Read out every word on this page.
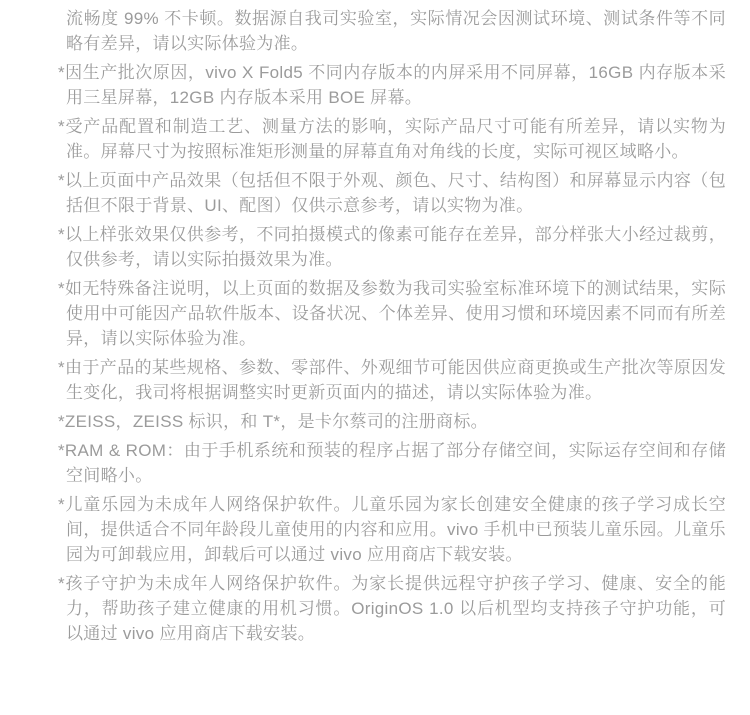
流畅度 99% 不卡顿。数据源自我司实验室，实际情况会因测试环境、测试条件等不同略有差异，请以实际体验为准。

*因生产批次原因，vivo X Fold5 不同内存版本的内屏采用不同屏幕，16GB 内存版本采用三星屏幕，12GB 内存版本采用 BOE 屏幕。

*受产品配置和制造工艺、测量方法的影响，实际产品尺寸可能有所差异，请以实物为准。屏幕尺寸为按照标准矩形测量的屏幕直角对角线的长度，实际可视区域略小。

*以上页面中产品效果（包括但不限于外观、颜色、尺寸、结构图）和屏幕显示内容（包括但不限于背景、UI、配图）仅供示意参考，请以实物为准。

*以上样张效果仅供参考，不同拍摄模式的像素可能存在差异，部分样张大小经过裁剪，仅供参考，请以实际拍摄效果为准。

*如无特殊备注说明，以上页面的数据及参数为我司实验室标准环境下的测试结果，实际使用中可能因产品软件版本、设备状况、个体差异、使用习惯和环境因素不同而有所差异，请以实际体验为准。

*由于产品的某些规格、参数、零部件、外观细节可能因供应商更换或生产批次等原因发生变化，我司将根据调整实时更新页面内的描述，请以实际体验为准。

*ZEISS，ZEISS 标识，和 T*，是卡尔蔡司的注册商标。

*RAM & ROM：由于手机系统和预装的程序占据了部分存储空间，实际运存空间和存储空间略小。

*儿童乐园为未成年人网络保护软件。儿童乐园为家长创建安全健康的孩子学习成长空间，提供适合不同年龄段儿童使用的内容和应用。vivo 手机中已预装儿童乐园。儿童乐园为可卸载应用，卸载后可以通过 vivo 应用商店下载安装。

*孩子守护为未成年人网络保护软件。为家长提供远程守护孩子学习、健康、安全的能力，帮助孩子建立健康的用机习惯。OriginOS 1.0 以后机型均支持孩子守护功能，可以通过 vivo 应用商店下载安装。
